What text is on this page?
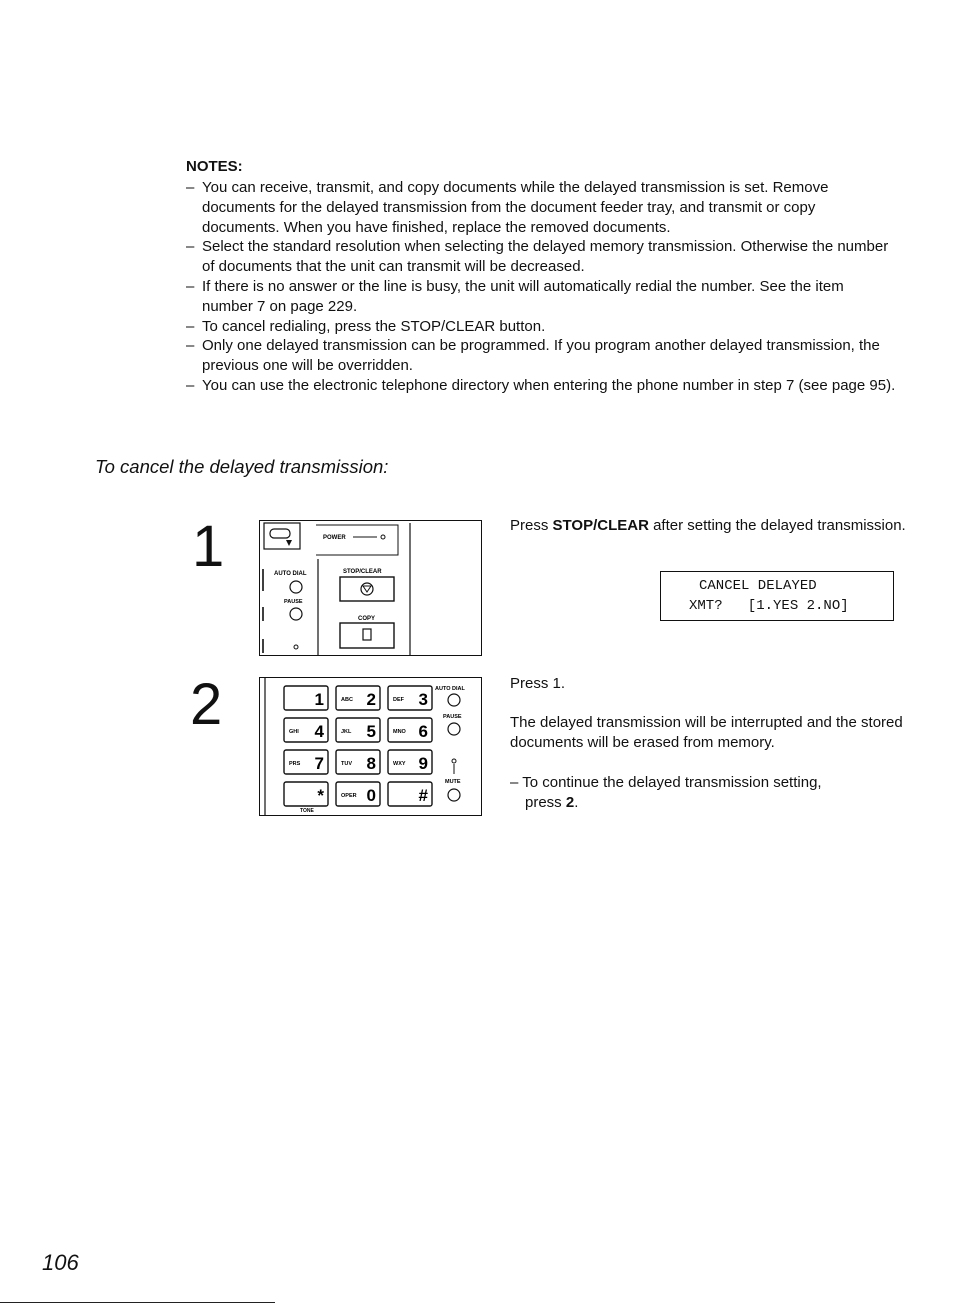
NOTES:
– You can receive, transmit, and copy documents while the delayed transmission is set. Remove documents for the delayed transmission from the document feeder tray, and transmit or copy documents. When you have finished, replace the removed documents.
– Select the standard resolution when selecting the delayed memory transmission. Otherwise the number of documents that the unit can transmit will be decreased.
– If there is no answer or the line is busy, the unit will automatically redial the number. See the item number 7 on page 229.
– To cancel redialing, press the STOP/CLEAR button.
– Only one delayed transmission can be programmed. If you program another delayed transmission, the previous one will be overridden.
– You can use the electronic telephone directory when entering the phone number in step 7 (see page 95).
To cancel the delayed transmission:
1	POWER
AUTO DIAL
PAUSE
STOP/CLEAR
COPY
Press STOP/CLEAR after setting the delayed transmission.
CANCEL DELAYED
XMT?   [1.YES 2.NO]
2	AUTO DIAL
PAUSE
MUTE
TONE
1	ABC 2	DEF 3
GHI 4	JKL 5	MNO 6
PRS 7	TUV 8	WXY 9
*	OPER 0	#
Press 1.
The delayed transmission will be interrupted and the stored documents will be erased from memory.
– To continue the delayed transmission setting,
press 2.
106
